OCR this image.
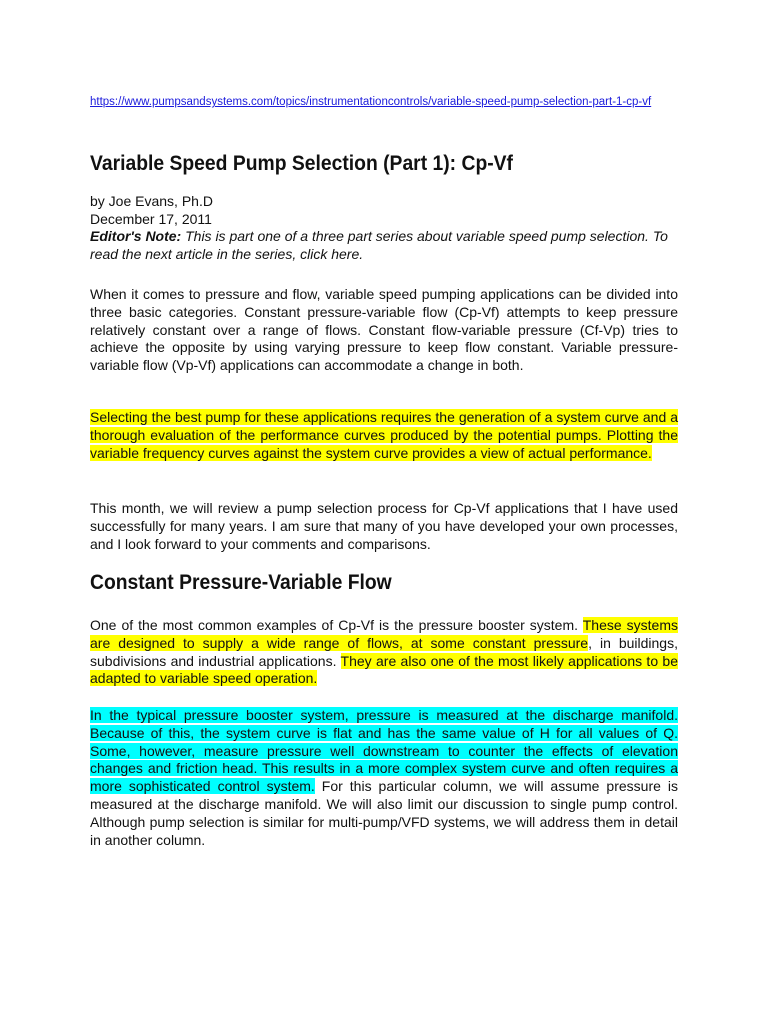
https://www.pumpsandsystems.com/topics/instrumentationcontrols/variable-speed-pump-selection-part-1-cp-vf
Variable Speed Pump Selection (Part 1): Cp-Vf
by Joe Evans, Ph.D
December 17, 2011
Editor's Note: This is part one of a three part series about variable speed pump selection. To read the next article in the series, click here.

When it comes to pressure and flow, variable speed pumping applications can be divided into three basic categories. Constant pressure-variable flow (Cp-Vf) attempts to keep pressure relatively constant over a range of flows. Constant flow-variable pressure (Cf-Vp) tries to achieve the opposite by using varying pressure to keep flow constant. Variable pressure-variable flow (Vp-Vf) applications can accommodate a change in both.

Selecting the best pump for these applications requires the generation of a system curve and a thorough evaluation of the performance curves produced by the potential pumps. Plotting the variable frequency curves against the system curve provides a view of actual performance.

This month, we will review a pump selection process for Cp-Vf applications that I have used successfully for many years. I am sure that many of you have developed your own processes, and I look forward to your comments and comparisons.

Constant Pressure-Variable Flow

One of the most common examples of Cp-Vf is the pressure booster system. These systems are designed to supply a wide range of flows, at some constant pressure, in buildings, subdivisions and industrial applications. They are also one of the most likely applications to be adapted to variable speed operation.

In the typical pressure booster system, pressure is measured at the discharge manifold. Because of this, the system curve is flat and has the same value of H for all values of Q. Some, however, measure pressure well downstream to counter the effects of elevation changes and friction head. This results in a more complex system curve and often requires a more sophisticated control system. For this particular column, we will assume pressure is measured at the discharge manifold. We will also limit our discussion to single pump control. Although pump selection is similar for multi-pump/VFD systems, we will address them in detail in another column.
